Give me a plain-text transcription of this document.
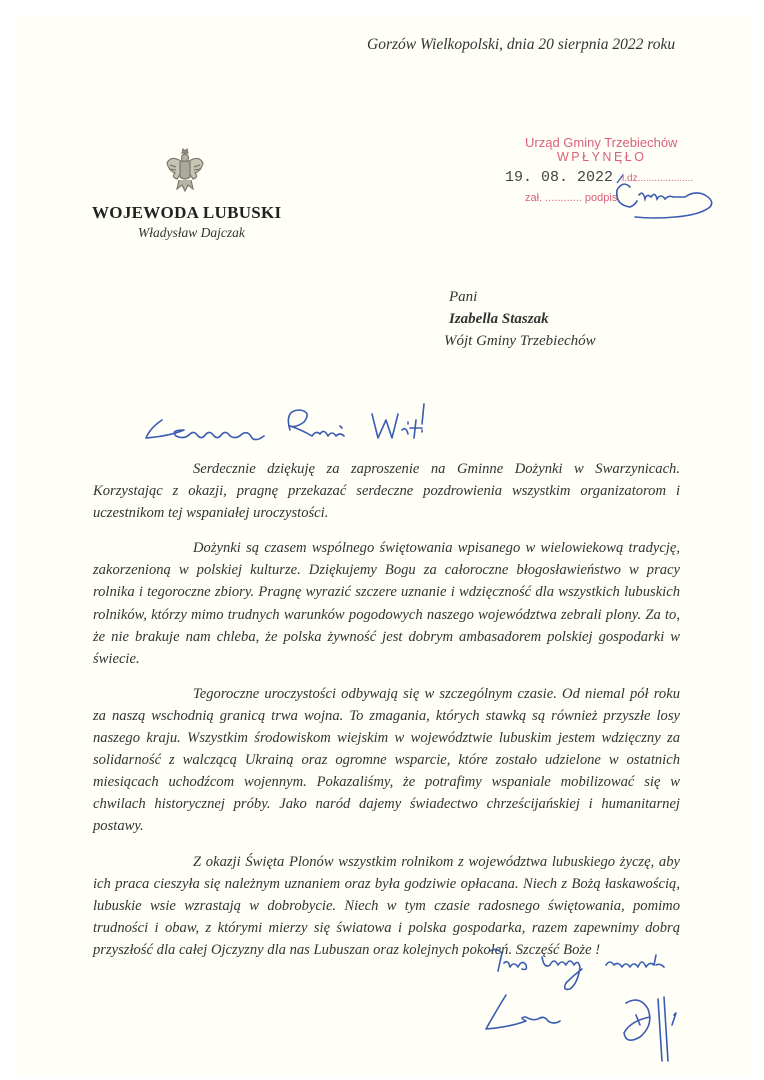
Gorzów Wielkopolski, dnia 20 sierpnia 2022 roku
WOJEWODA LUBUSKI
Władysław Dajczak
Urząd Gminy Trzebiechów
WPŁYNĘŁO
19. 08. 2022 l.dz....................
zał. ............ podpis
Pani
Izabella Staszak
Wójt Gminy Trzebiechów

Serdecznie dziękuję za zaproszenie na Gminne Dożynki w Swarzynicach. Korzystając z okazji, pragnę przekazać serdeczne pozdrowienia wszystkim organizatorom i uczestnikom tej wspaniałej uroczystości.

Dożynki są czasem wspólnego świętowania wpisanego w wielowiekową tradycję, zakorzenioną w polskiej kulturze. Dziękujemy Bogu za całoroczne błogosławieństwo w pracy rolnika i tegoroczne zbiory. Pragnę wyrazić szczere uznanie i wdzięczność dla wszystkich lubuskich rolników, którzy mimo trudnych warunków pogodowych naszego województwa zebrali plony. Za to, że nie brakuje nam chleba, że polska żywność jest dobrym ambasadorem polskiej gospodarki w świecie.

Tegoroczne uroczystości odbywają się w szczególnym czasie. Od niemal pół roku za naszą wschodnią granicą trwa wojna. To zmagania, których stawką są również przyszłe losy naszego kraju. Wszystkim środowiskom wiejskim w województwie lubuskim jestem wdzięczny za solidarność z walczącą Ukrainą oraz ogromne wsparcie, które zostało udzielone w ostatnich miesiącach uchodźcom wojennym. Pokazaliśmy, że potrafimy wspaniale mobilizować się w chwilach historycznej próby. Jako naród dajemy świadectwo chrześcijańskiej i humanitarnej postawy.

Z okazji Święta Plonów wszystkim rolnikom z województwa lubuskiego życzę, aby ich praca cieszyła się należnym uznaniem oraz była godziwie opłacana. Niech z Bożą łaskawością, lubuskie wsie wzrastają w dobrobycie. Niech w tym czasie radosnego świętowania, pomimo trudności i obaw, z którymi mierzy się światowa i polska gospodarka, razem zapewnimy dobrą przyszłość dla całej Ojczyzny dla nas Lubuszan oraz kolejnych pokoleń. Szczęść Boże !
